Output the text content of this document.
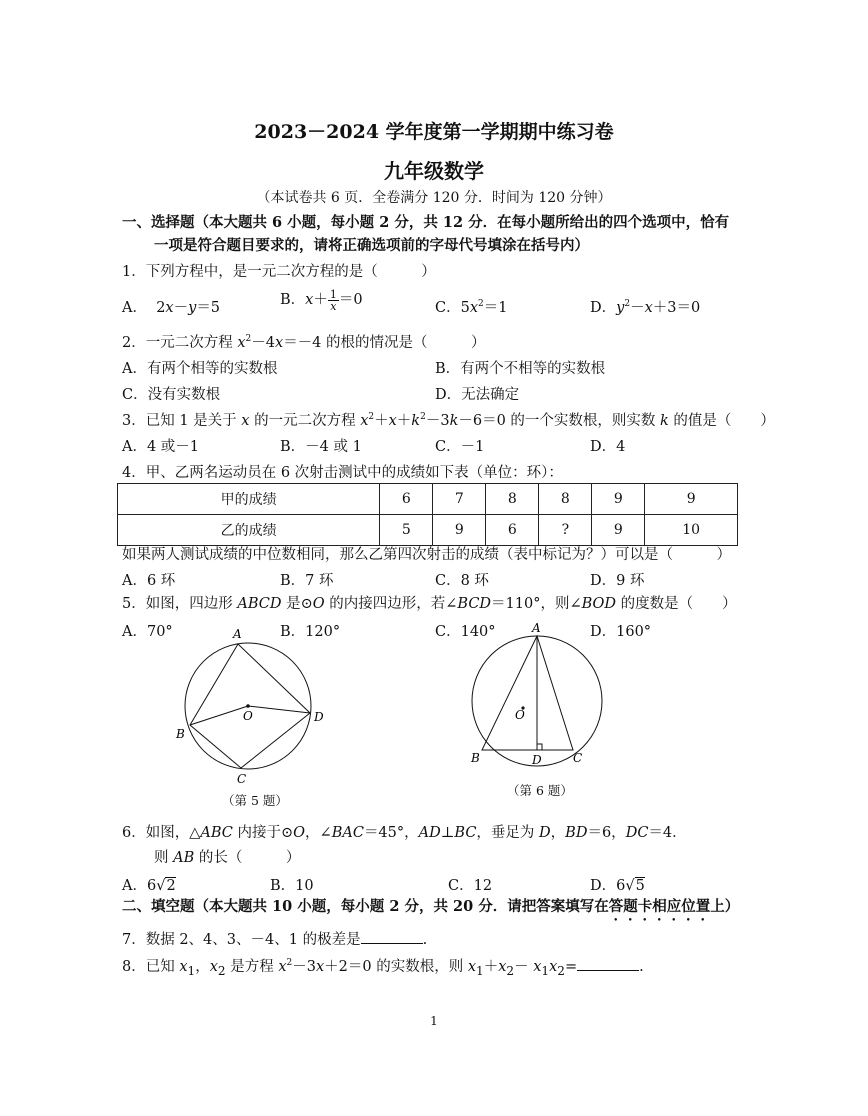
2023－2024 学年度第一学期期中练习卷
九年级数学
（本试卷共 6 页．全卷满分 120 分．时间为 120 分钟）
一、选择题（本大题共 6 小题，每小题 2 分，共 12 分．在每小题所给出的四个选项中，恰有
一项是符合题目要求的，请将正确选项前的字母代号填涂在括号内）
1．下列方程中，是一元二次方程的是（　　　）
A．  2x－y＝5	B．$x+ \frac{1}{x} =0$	C．$5x^2=1$	D．$y^2-x+3=0$
2．一元二次方程 $x^2-4x=-4$ 的根的情况是（　　　）
A．有两个相等的实数根	B．有两个不相等的实数根
C．没有实数根	D．无法确定
3．已知 1 是关于 x 的一元二次方程 $x^2+x+k^2-3k-6=0$ 的一个实数根，则实数 k 的值是（　　）
A．4 或－1	B．－4 或 1	C．－1	D．4
4．甲、乙两名运动员在 6 次射击测试中的成绩如下表（单位：环）：
甲的成绩	6	7	8	8	9	9
乙的成绩	5	9	6	?	9	10
如果两人测试成绩的中位数相同，那么乙第四次射击的成绩（表中标记为？）可以是（　　　）
A．6 环	B．7 环	C．8 环	D．9 环
5．如图，四边形 ABCD 是⊙O 的内接四边形，若∠BCD＝110°，则∠BOD 的度数是（　　）
A．70°	B．120°	C．140°	D．160°
A
B
C
D
O
（第 5 题）
A
B	D	C
O
（第 6 题）
6．如图，△ABC 内接于⊙O，∠BAC＝45°，AD⊥BC，垂足为 D，BD＝6，DC＝4．
则 AB 的长（　　　）
A．6√2	B．10	C．12	D．6√5
二、填空题（本大题共 10 小题，每小题 2 分，共 20 分．请把答案填写在答题卡相应位置上）
7．数据 2、4、3、－4、1 的极差是	.
8．已知 $x_1$，$x_2$ 是方程 $x^2-3x+2=0$ 的实数根，则 $x_1+x_2- x_1x_2=$	.
1
